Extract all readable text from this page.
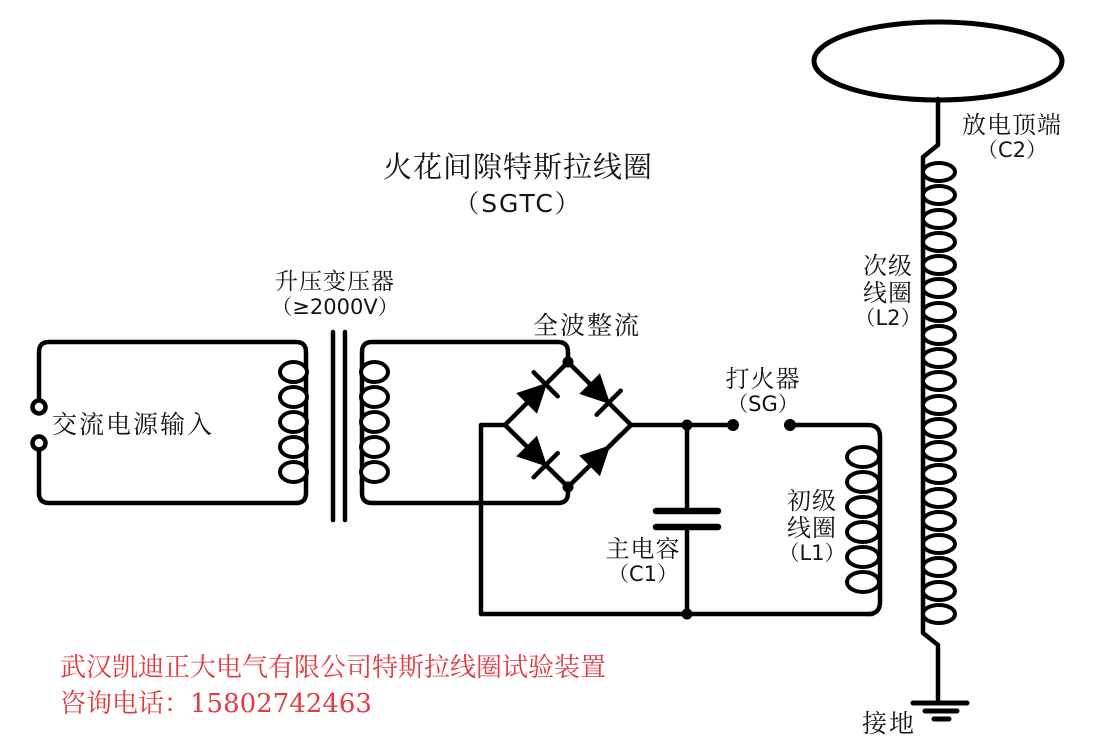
火花间隙特斯拉线圈
（SGTC）
升压变压器
（≥2000V）
交流电源输入
全波整流
打火器
（SG）
主电容
（C1）
初级
线圈
（L1）
次级
线圈
（L2）
放电顶端
（C2）
接地
武汉凯迪正大电气有限公司特斯拉线圈试验装置
咨询电话：15802742463
